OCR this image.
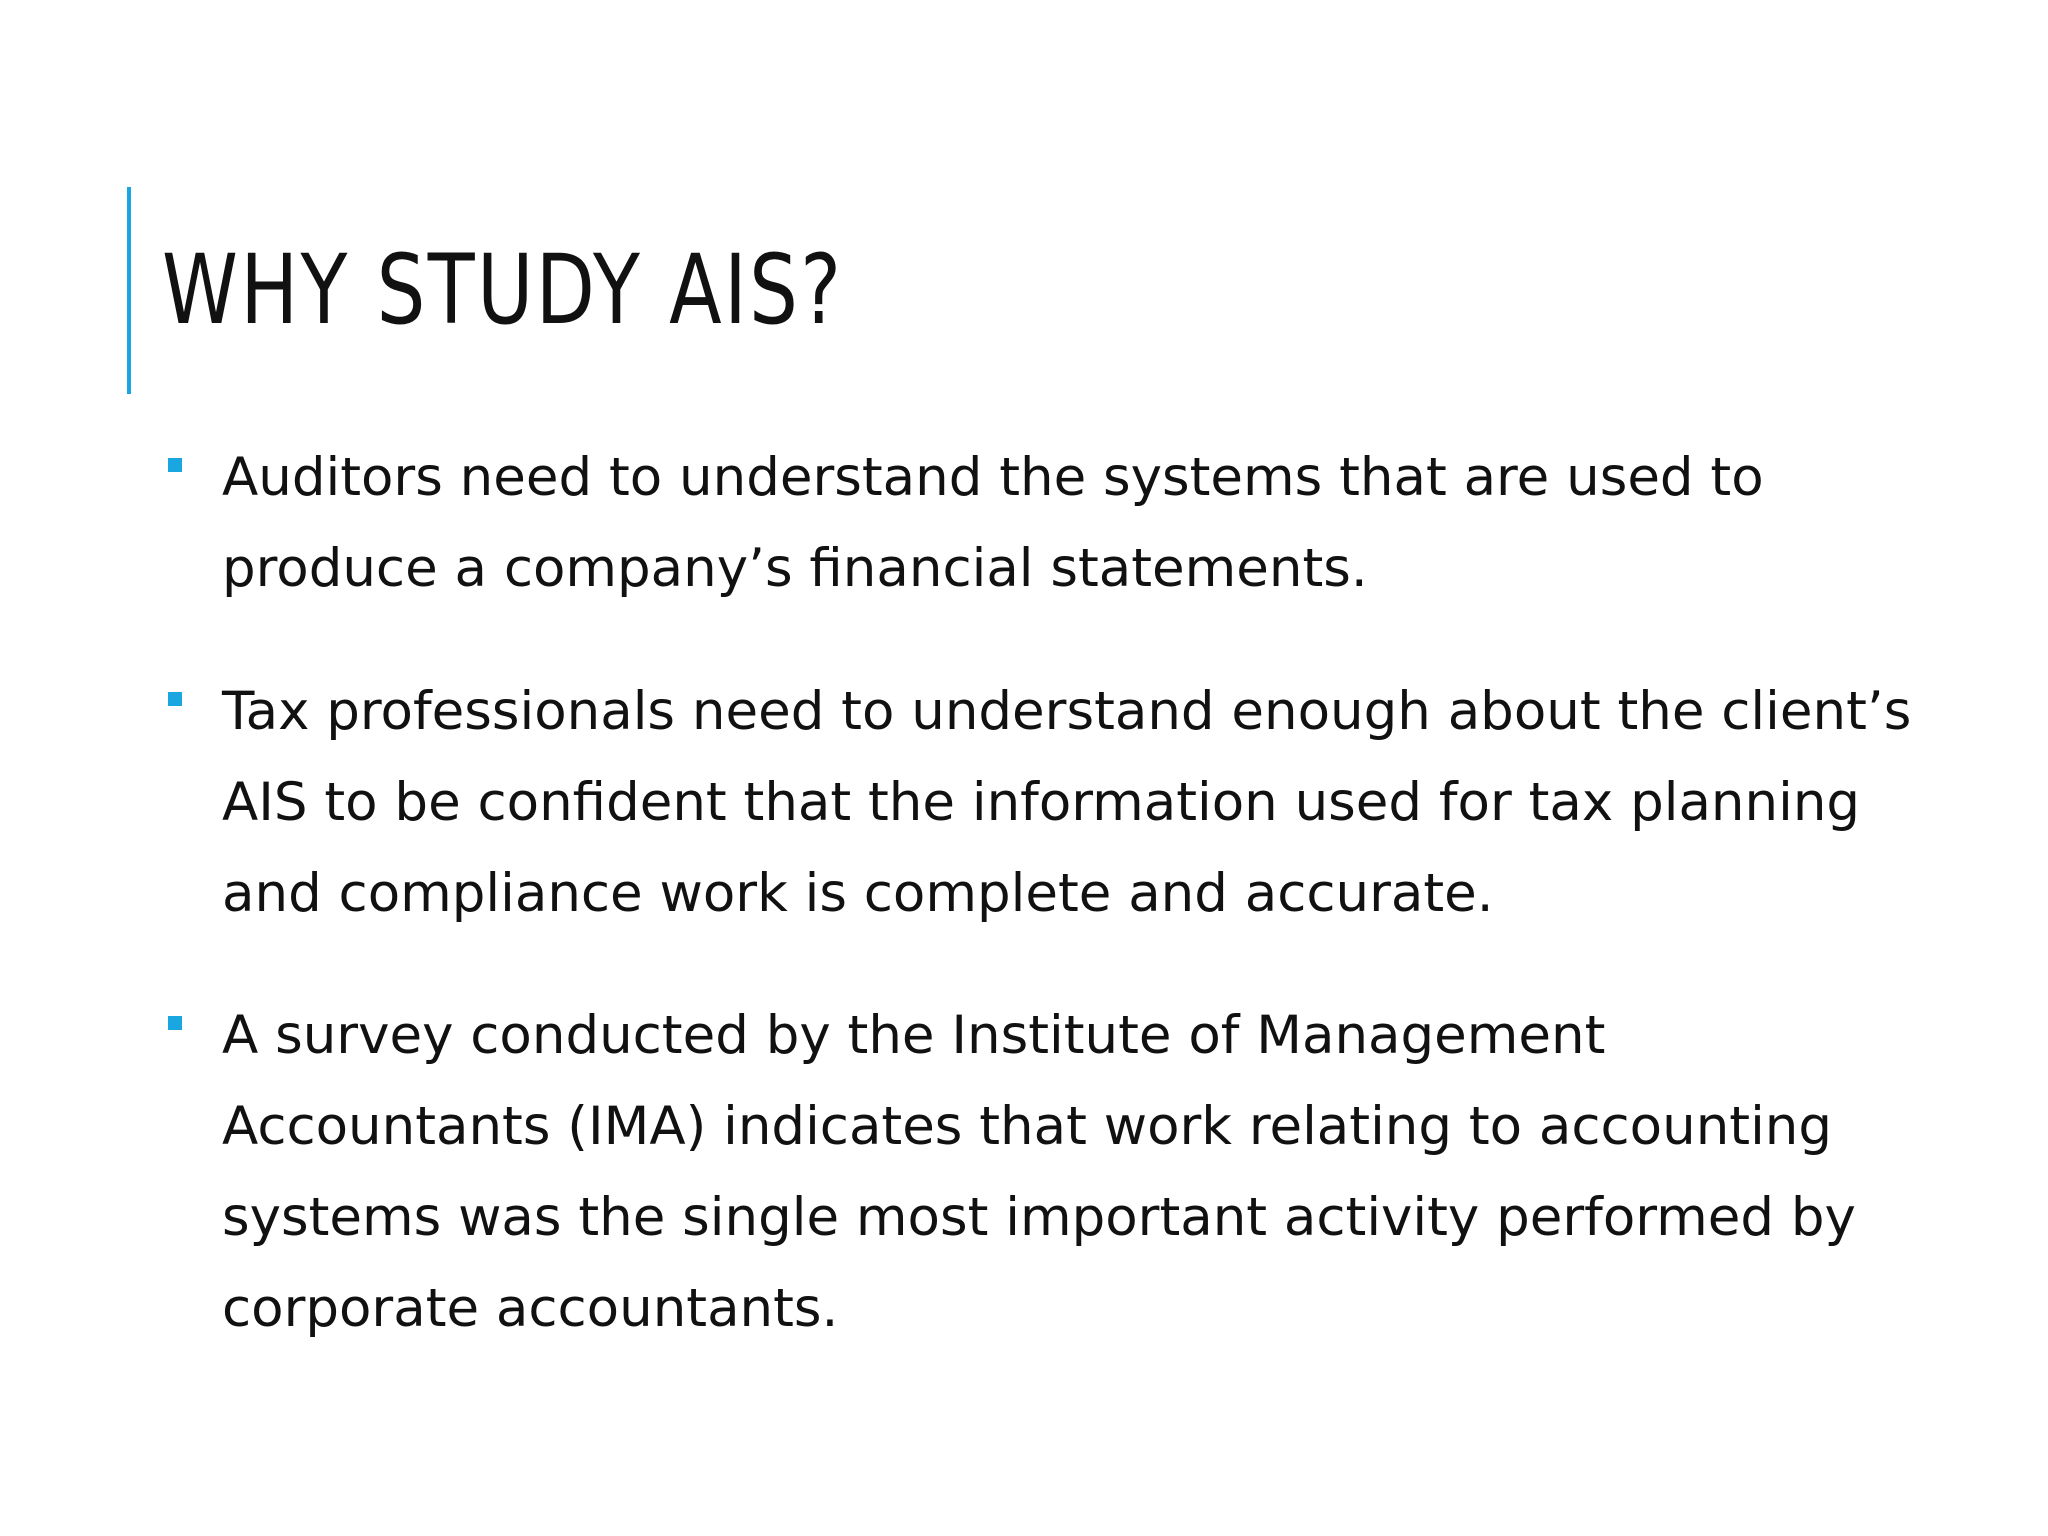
WHY STUDY AIS?

Auditors need to understand the systems that are used to produce a company’s financial statements.

Tax professionals need to understand enough about the client’s AIS to be confident that the information used for tax planning and compliance work is complete and accurate.

A survey conducted by the Institute of Management Accountants (IMA) indicates that work relating to accounting systems was the single most important activity performed by corporate accountants.
